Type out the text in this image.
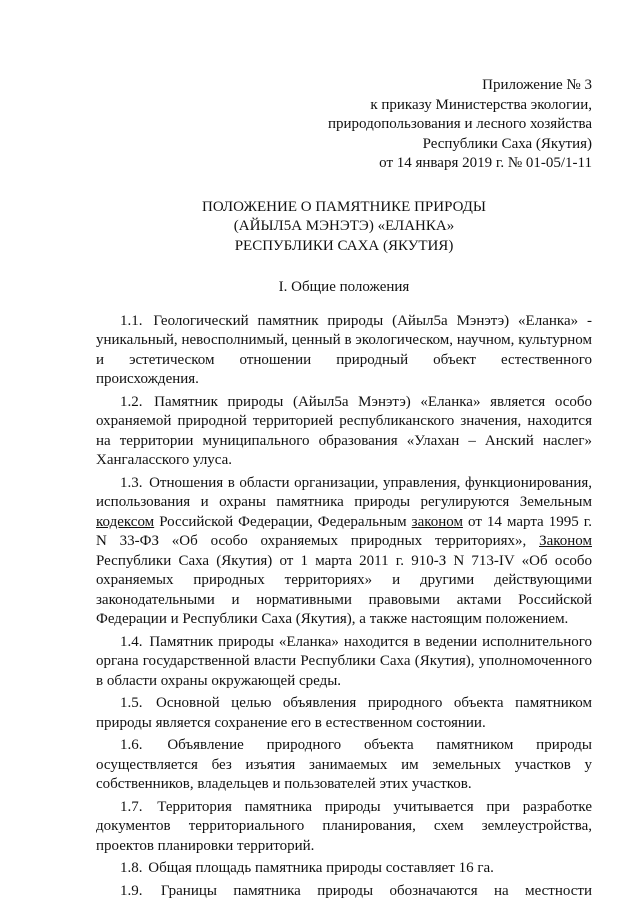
Приложение № 3
к приказу Министерства экологии,
природопользования и лесного хозяйства
Республики Саха (Якутия)
от 14 января 2019 г. № 01-05/1-11
ПОЛОЖЕНИЕ О ПАМЯТНИКЕ ПРИРОДЫ
(АЙЫЛ5А МЭНЭТЭ) «ЕЛАНКА»
РЕСПУБЛИКИ САХА (ЯКУТИЯ)
I. Общие положения

1.1. Геологический памятник природы (Айыл5а Мэнэтэ) «Еланка» - уникальный, невосполнимый, ценный в экологическом, научном, культурном и эстетическом отношении природный объект естественного происхождения.

1.2. Памятник природы (Айыл5а Мэнэтэ) «Еланка» является особо охраняемой природной территорией республиканского значения, находится на территории муниципального образования «Улахан – Анский наслег» Хангаласского улуса.

1.3. Отношения в области организации, управления, функционирования, использования и охраны памятника природы регулируются Земельным кодексом Российской Федерации, Федеральным законом от 14 марта 1995 г. N 33-ФЗ «Об особо охраняемых природных территориях», Законом Республики Саха (Якутия) от 1 марта 2011 г. 910-З N 713-IV «Об особо охраняемых природных территориях» и другими действующими законодательными и нормативными правовыми актами Российской Федерации и Республики Саха (Якутия), а также настоящим положением.

1.4. Памятник природы «Еланка» находится в ведении исполнительного органа государственной власти Республики Саха (Якутия), уполномоченного в области охраны окружающей среды.

1.5. Основной целью объявления природного объекта памятником природы является сохранение его в естественном состоянии.

1.6. Объявление природного объекта памятником природы осуществляется без изъятия занимаемых им земельных участков у собственников, владельцев и пользователей этих участков.

1.7. Территория памятника природы учитывается при разработке документов территориального планирования, схем землеустройства, проектов планировки территорий.

1.8. Общая площадь памятника природы составляет 16 га.

1.9. Границы памятника природы обозначаются на местности
